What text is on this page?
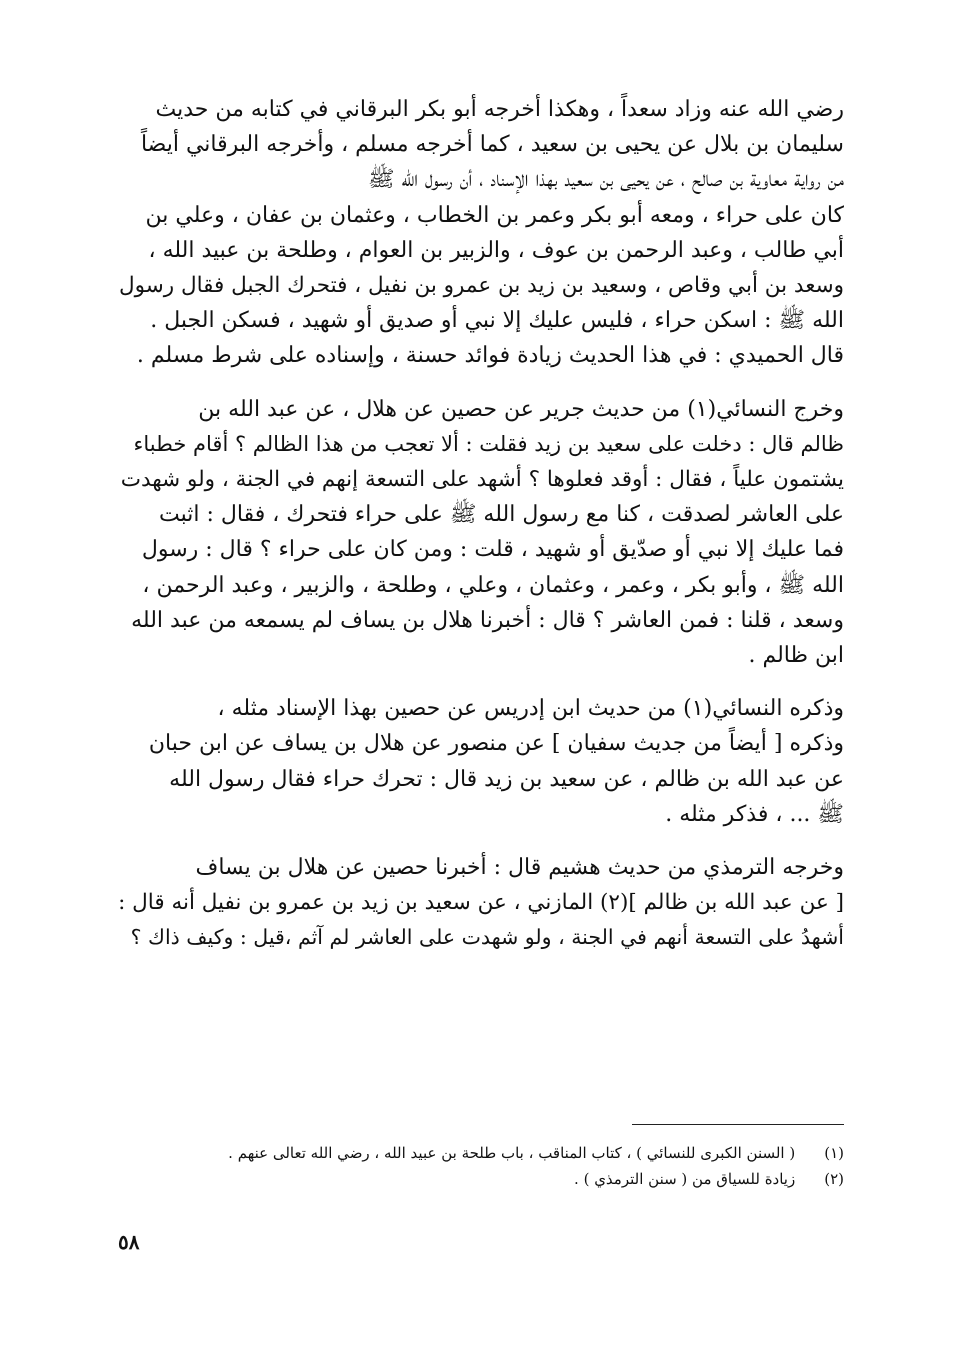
رضي الله عنه وزاد سعداً ، وهكذا أخرجه أبو بكر البرقاني في كتابه من حديث
سليمان بن بلال عن يحيى بن سعيد ، كما أخرجه مسلم ، وأخرجه البرقاني أيضاً
من رواية معاوية بن صالح ، عن يحيى بن سعيد بهذا الإسناد ، أن رسول الله ﷺ
كان على حراء ، ومعه أبو بكر وعمر بن الخطاب ، وعثمان بن عفان ، وعلي بن
أبي طالب ، وعبد الرحمن بن عوف ، والزبير بن العوام ، وطلحة بن عبيد الله ،
وسعد بن أبي وقاص ، وسعيد بن زيد بن عمرو بن نفيل ، فتحرك الجبل فقال رسول
الله ﷺ : اسكن حراء ، فليس عليك إلا نبي أو صديق أو شهيد ، فسكن الجبل .
قال الحميدي : في هذا الحديث زيادة فوائد حسنة ، وإسناده على شرط مسلم .
وخرج النسائي(١) من حديث جرير عن حصين عن هلال ، عن عبد الله بن
ظالم قال : دخلت على سعيد بن زيد فقلت : ألا تعجب من هذا الظالم ؟ أقام خطباء
يشتمون علياً ، فقال : أوقد فعلوها ؟ أشهد على التسعة إنهم في الجنة ، ولو شهدت
على العاشر لصدقت ، كنا مع رسول الله ﷺ على حراء فتحرك ، فقال : اثبت
فما عليك إلا نبي أو صدّيق أو شهيد ، قلت : ومن كان على حراء ؟ قال : رسول
الله ﷺ ، وأبو بكر ، وعمر ، وعثمان ، وعلي ، وطلحة ، والزبير ، وعبد الرحمن ،
وسعد ، قلنا : فمن العاشر ؟ قال : أخبرنا هلال بن يساف لم يسمعه من عبد الله
ابن ظالم .
وذكره النسائي(١) من حديث ابن إدريس عن حصين بهذا الإسناد مثله ،
وذكره [ أيضاً من جديث سفيان ] عن منصور عن هلال بن يساف عن ابن حبان
عن عبد الله بن ظالم ، عن سعيد بن زيد قال : تحرك حراء فقال رسول الله
ﷺ ... ، فذكر مثله .
وخرجه الترمذي من حديث هشيم قال : أخبرنا حصين عن هلال بن يساف
[ عن عبد الله بن ظالم ](٢) المازني ، عن سعيد بن زيد بن عمرو بن نفيل أنه قال :
أشهدُ على التسعة أنهم في الجنة ، ولو شهدت على العاشر لم آثم ،قيل : وكيف ذاك ؟
(١) ( السنن الكبرى للنسائي ) ، كتاب المناقب ، باب طلحة بن عبيد الله ، رضي الله تعالى عنهم .
(٢) زيادة للسياق من ( سنن الترمذي ) .
٥٨
